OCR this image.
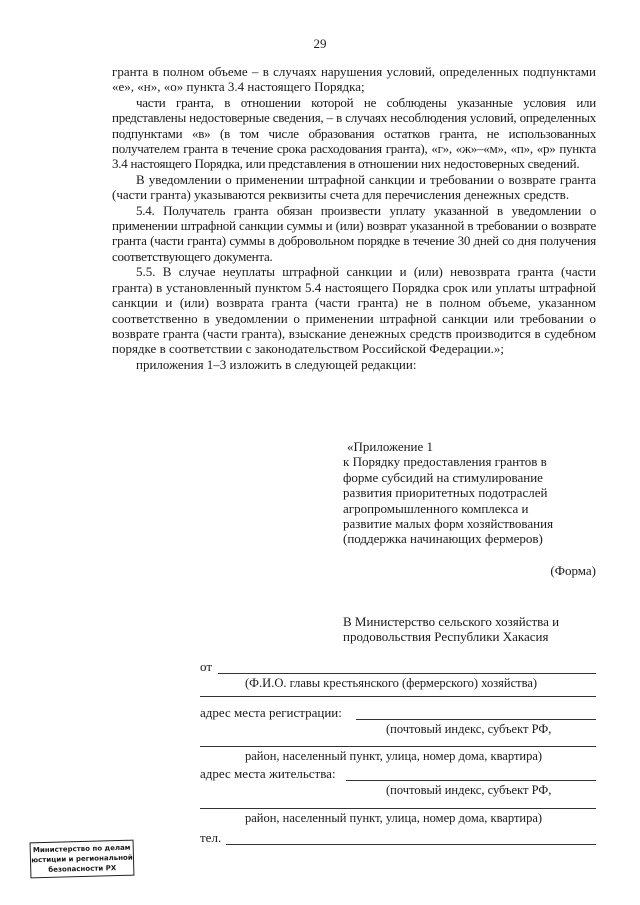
29

гранта в полном объеме – в случаях нарушения условий, определенных подпунктами «е», «н», «о» пункта 3.4 настоящего Порядка;

части гранта, в отношении которой не соблюдены указанные условия или представлены недостоверные сведения, – в случаях несоблюдения условий, определенных подпунктами «в» (в том числе образования остатков гранта, не использованных получателем гранта в течение срока расходования гранта), «г», «ж»–«м», «п», «р» пункта 3.4 настоящего Порядка, или представления в отношении них недостоверных сведений.

В уведомлении о применении штрафной санкции и требовании о возврате гранта (части гранта) указываются реквизиты счета для перечисления денежных средств.

5.4. Получатель гранта обязан произвести уплату указанной в уведомлении о применении штрафной санкции суммы и (или) возврат указанной в требовании о возврате гранта (части гранта) суммы в добровольном порядке в течение 30 дней со дня получения соответствующего документа.

5.5. В случае неуплаты штрафной санкции и (или) невозврата гранта (части гранта) в установленный пунктом 5.4 настоящего Порядка срок или уплаты штрафной санкции и (или) возврата гранта (части гранта) не в полном объеме, указанном соответственно в уведомлении о применении штрафной санкции или требовании о возврате гранта (части гранта), взыскание денежных средств производится в судебном порядке в соответствии с законодательством Российской Федерации.»;

приложения 1–3 изложить в следующей редакции:

«Приложение 1
к Порядку предоставления грантов в
форме субсидий на стимулирование
развития приоритетных подотраслей
агропромышленного комплекса и
развитие малых форм хозяйствования
(поддержка начинающих фермеров)
(Форма)
В Министерство сельского хозяйства и
продовольствия Республики Хакасия
от
(Ф.И.О. главы крестьянского (фермерского) хозяйства)
адрес места регистрации:
(почтовый индекс, субъект РФ,
район, населенный пункт, улица, номер дома, квартира)
адрес места жительства:
(почтовый индекс, субъект РФ,
район, населенный пункт, улица, номер дома, квартира)
тел.
Министерство по делам
юстиции и региональной
безопасности РХ
